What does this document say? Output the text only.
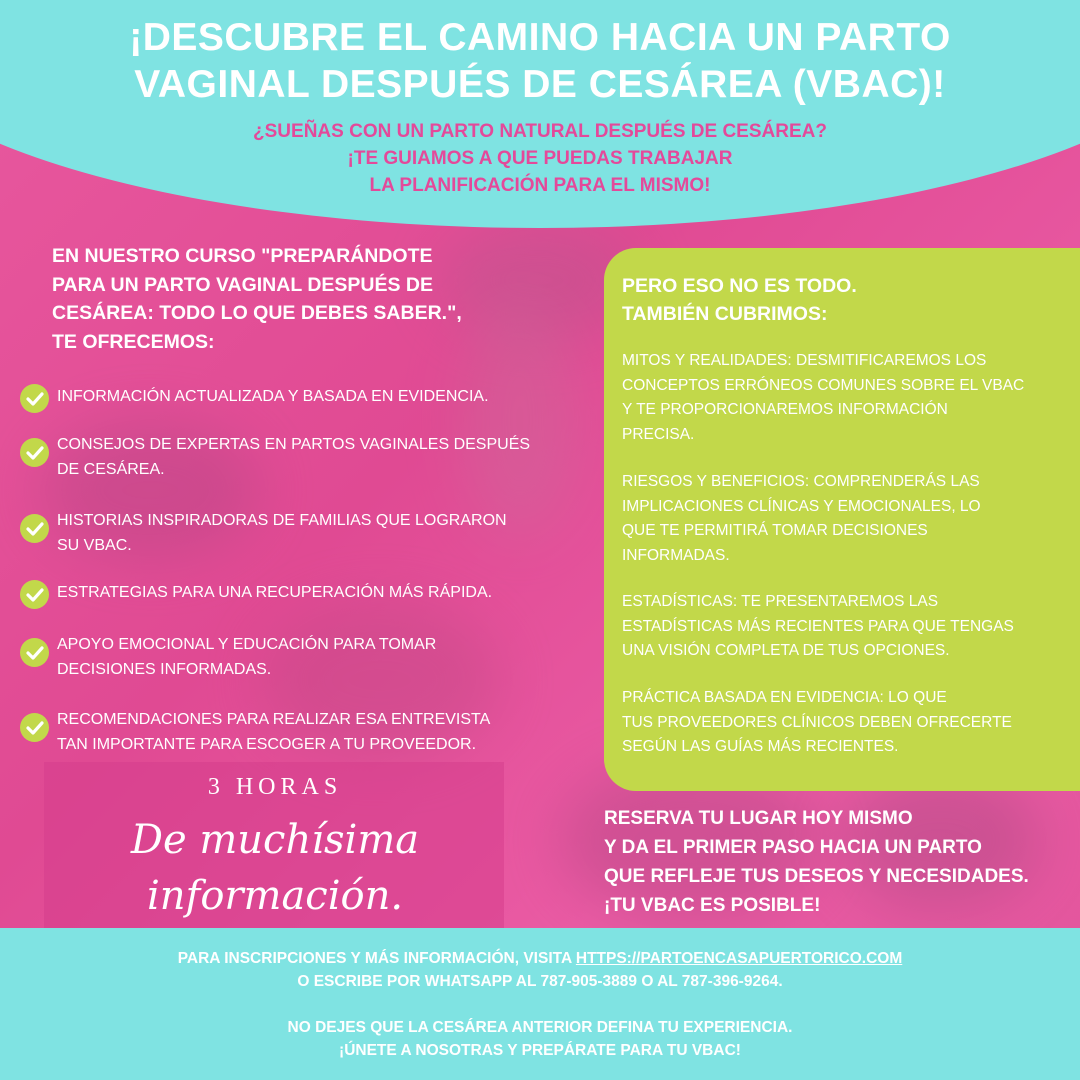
¡DESCUBRE EL CAMINO HACIA UN PARTO
VAGINAL DESPUÉS DE CESÁREA (VBAC)!

¿SUEÑAS CON UN PARTO NATURAL DESPUÉS DE CESÁREA?
¡TE GUIAMOS A QUE PUEDAS TRABAJAR
LA PLANIFICACIÓN PARA EL MISMO!

EN NUESTRO CURSO "PREPARÁNDOTE
PARA UN PARTO VAGINAL DESPUÉS DE
CESÁREA: TODO LO QUE DEBES SABER.",
TE OFRECEMOS:

INFORMACIÓN ACTUALIZADA Y BASADA EN EVIDENCIA.
CONSEJOS DE EXPERTAS EN PARTOS VAGINALES DESPUÉS
DE CESÁREA.
HISTORIAS INSPIRADORAS DE FAMILIAS QUE LOGRARON
SU VBAC.
ESTRATEGIAS PARA UNA RECUPERACIÓN MÁS RÁPIDA.
APOYO EMOCIONAL Y EDUCACIÓN PARA TOMAR
DECISIONES INFORMADAS.
RECOMENDACIONES PARA REALIZAR ESA ENTREVISTA
TAN IMPORTANTE PARA ESCOGER A TU PROVEEDOR.
3 HORAS
De muchísima
información.

PERO ESO NO ES TODO.
TAMBIÉN CUBRIMOS:

MITOS Y REALIDADES: DESMITIFICAREMOS LOS
CONCEPTOS ERRÓNEOS COMUNES SOBRE EL VBAC
Y TE PROPORCIONAREMOS INFORMACIÓN
PRECISA.

RIESGOS Y BENEFICIOS: COMPRENDERÁS LAS
IMPLICACIONES CLÍNICAS Y EMOCIONALES, LO
QUE TE PERMITIRÁ TOMAR DECISIONES
INFORMADAS.

ESTADÍSTICAS: TE PRESENTAREMOS LAS
ESTADÍSTICAS MÁS RECIENTES PARA QUE TENGAS
UNA VISIÓN COMPLETA DE TUS OPCIONES.

PRÁCTICA BASADA EN EVIDENCIA: LO QUE
TUS PROVEEDORES CLÍNICOS DEBEN OFRECERTE
SEGÚN LAS GUÍAS MÁS RECIENTES.

RESERVA TU LUGAR HOY MISMO
Y DA EL PRIMER PASO HACIA UN PARTO
QUE REFLEJE TUS DESEOS Y NECESIDADES.
¡TU VBAC ES POSIBLE!

PARA INSCRIPCIONES Y MÁS INFORMACIÓN, VISITA HTTPS://PARTOENCASAPUERTORICO.COM
O ESCRIBE POR WHATSAPP AL 787-905-3889 O AL 787-396-9264.
NO DEJES QUE LA CESÁREA ANTERIOR DEFINA TU EXPERIENCIA.
¡ÚNETE A NOSOTRAS Y PREPÁRATE PARA TU VBAC!
